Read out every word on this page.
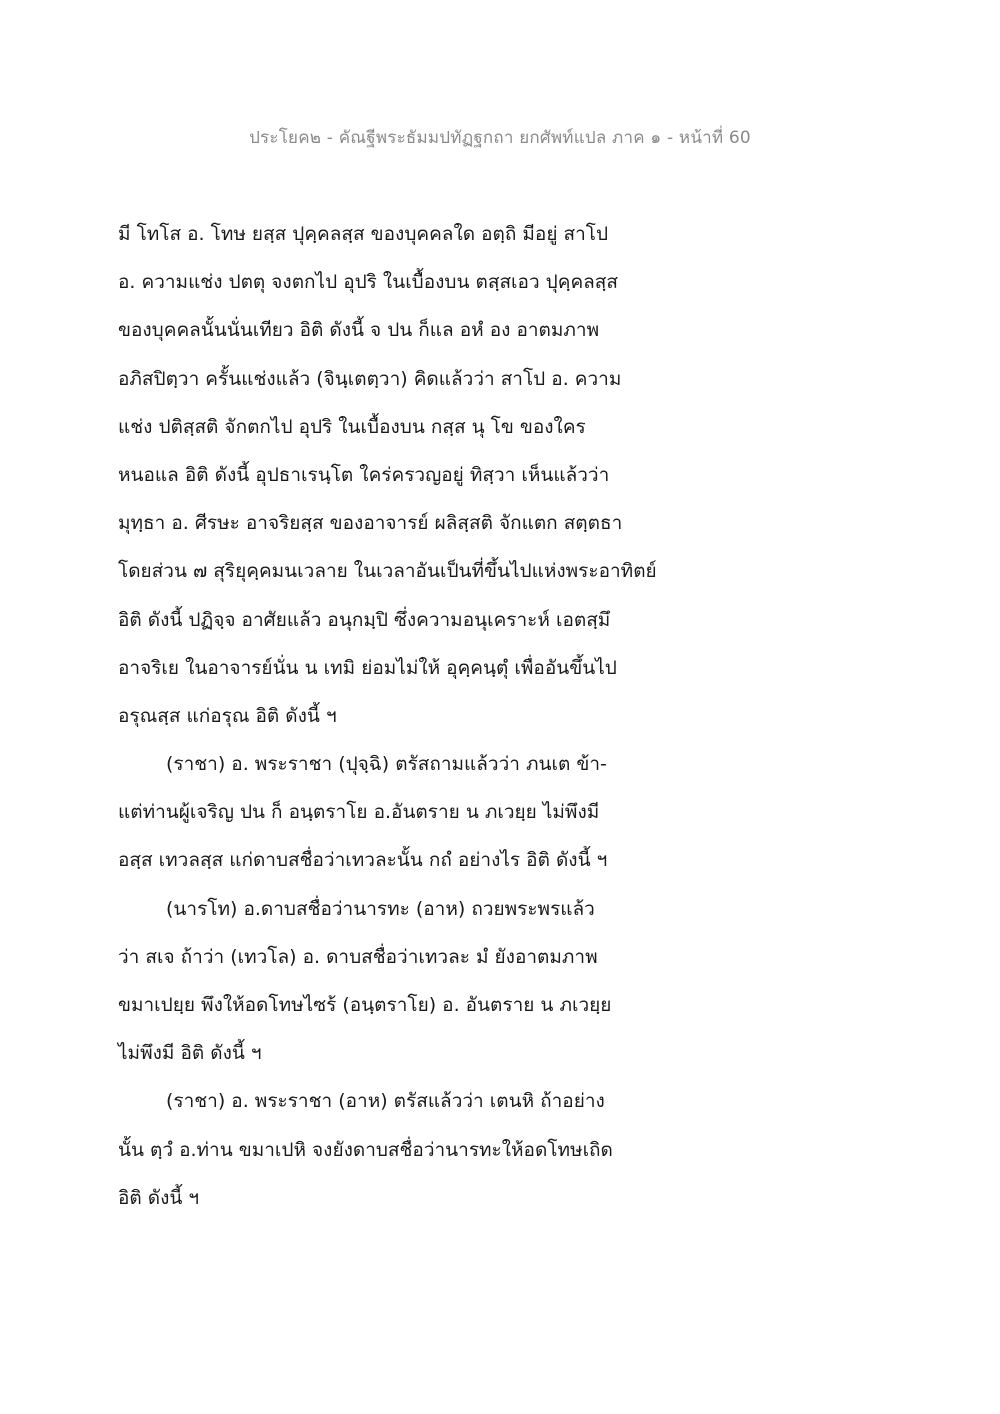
ประโยค๒ - คัณฐีพระธัมมปทัฏฐกถา ยกศัพท์แปล ภาค ๑ - หน้าที่ 60
มี โทโส อ. โทษ ยสฺส ปุคฺคลสฺส ของบุคคลใด อตฺถิ มีอยู่ สาโป
อ. ความแช่ง ปตตุ จงตกไป อุปริ ในเบื้องบน ตสฺสเอว ปุคฺคลสฺส
ของบุคคลนั้นนั่นเทียว อิติ ดังนี้ จ ปน ก็แล อหํ อง อาตมภาพ
อภิสปิตฺวา ครั้นแช่งแล้ว (จินฺเตตฺวา) คิดแล้วว่า สาโป อ. ความ
แช่ง ปติสฺสติ จักตกไป อุปริ ในเบื้องบน กสฺส นุ โข ของใคร
หนอแล อิติ ดังนี้ อุปธาเรนฺโต ใคร่ครวญอยู่ ทิสฺวา เห็นแล้วว่า
มุทฺธา อ. ศีรษะ อาจริยสฺส ของอาจารย์ ผลิสฺสติ จักแตก สตฺตธา
โดยส่วน ๗ สุริยุคฺคมนเวลาย ในเวลาอันเป็นที่ขึ้นไปแห่งพระอาทิตย์
อิติ ดังนี้ ปฏิจฺจ อาศัยแล้ว อนุกมฺปิ ซึ่งความอนุเคราะห์ เอตสฺมึ
อาจริเย ในอาจารย์นั่น น เทมิ ย่อมไม่ให้ อุคฺคนฺตุํ เพื่ออันขึ้นไป
อรุณสฺส แก่อรุณ อิติ ดังนี้ ฯ
(ราชา) อ. พระราชา (ปุจฺฉิ) ตรัสถามแล้วว่า ภนเต ข้า-
แต่ท่านผู้เจริญ ปน ก็ อนฺตราโย อ.อันตราย น ภเวยฺย ไม่พึงมี
อสฺส เทวลสฺส แก่ดาบสชื่อว่าเทวละนั้น กถํ อย่างไร อิติ ดังนี้ ฯ
(นารโท) อ.ดาบสชื่อว่านารทะ (อาห) ถวยพระพรแล้ว
ว่า สเจ ถ้าว่า (เทวโล) อ. ดาบสชื่อว่าเทวละ มํ ยังอาตมภาพ
ขมาเปยฺย พึงให้อดโทษไซร้ (อนฺตราโย) อ. อันตราย น ภเวยฺย
ไม่พึงมี อิติ ดังนี้ ฯ
(ราชา) อ. พระราชา (อาห) ตรัสแล้วว่า เตนหิ ถ้าอย่าง
นั้น ตฺวํ อ.ท่าน ขมาเปหิ จงยังดาบสชื่อว่านารทะให้อดโทษเถิด
อิติ ดังนี้ ฯ
